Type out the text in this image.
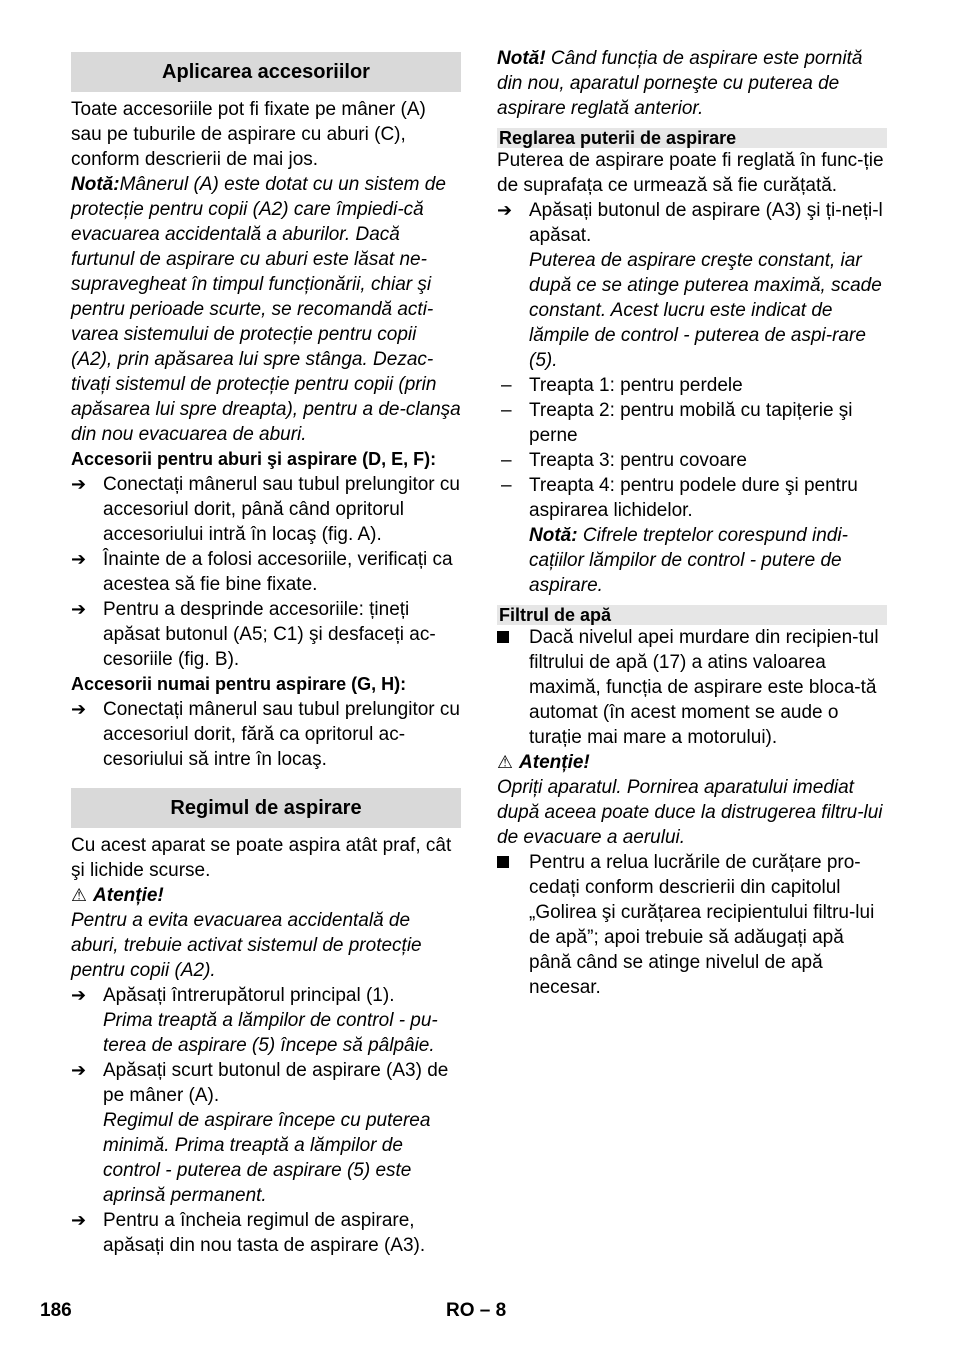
Aplicarea accesoriilor

Toate accesoriile pot fi fixate pe mâner (A) sau pe tuburile de aspirare cu aburi (C), conform descrierii de mai jos.

Notă:Mânerul (A) este dotat cu un sistem de protecție pentru copii (A2) care împiedi-că evacuarea accidentală a aburilor. Dacă furtunul de aspirare cu aburi este lăsat ne-supravegheat în timpul funcționării, chiar şi pentru perioade scurte, se recomandă acti-varea sistemului de protecție pentru copii (A2), prin apăsarea lui spre stânga. Dezac-tivați sistemul de protecție pentru copii (prin apăsarea lui spre dreapta), pentru a de-clanşa din nou evacuarea de aburi.

Accesorii pentru aburi şi aspirare (D, E, F):
➔ Conectați mânerul sau tubul prelungitor cu accesoriul dorit, până când opritorul accesoriului intră în locaş (fig. A).
➔ Înainte de a folosi accesoriile, verificați ca acestea să fie bine fixate.
➔ Pentru a desprinde accesoriile: țineți apăsat butonul (A5; C1) şi desfaceți ac-cesoriile (fig. B).
Accesorii numai pentru aspirare (G, H):
➔ Conectați mânerul sau tubul prelungitor cu accesoriul dorit, fără ca opritorul ac-cesoriului să intre în locaş.
Regimul de aspirare

Cu acest aparat se poate aspira atât praf, cât şi lichide scurse.

⚠ Atenție!

Pentru a evita evacuarea accidentală de aburi, trebuie activat sistemul de protecție pentru copii (A2).

➔ Apăsați întrerupătorul principal (1).

Prima treaptă a lămpilor de control - pu-terea de aspirare (5) începe să pâlpâie.

➔ Apăsați scurt butonul de aspirare (A3) de pe mâner (A).

Regimul de aspirare începe cu puterea minimă. Prima treaptă a lămpilor de control - puterea de aspirare (5) este aprinsă permanent.

➔ Pentru a încheia regimul de aspirare, apăsați din nou tasta de aspirare (A3).

Notă! Când funcția de aspirare este pornită din nou, aparatul porneşte cu puterea de aspirare reglată anterior.

Reglarea puterii de aspirare

Puterea de aspirare poate fi reglată în func-ție de suprafața ce urmează să fie curățată.

➔ Apăsați butonul de aspirare (A3) şi ți-neți-l apăsat.

Puterea de aspirare creşte constant, iar după ce se atinge puterea maximă, scade constant. Acest lucru este indicat de lămpile de control - puterea de aspi-rare (5).

– Treapta 1: pentru perdele
– Treapta 2: pentru mobilă cu tapițerie şi perne
– Treapta 3: pentru covoare
– Treapta 4: pentru podele dure şi pentru aspirarea lichidelor.

Notă: Cifrele treptelor corespund indi-cațiilor lămpilor de control - putere de aspirare.

Filtrul de apă
Dacă nivelul apei murdare din recipien-tul filtrului de apă (17) a atins valoarea maximă, funcția de aspirare este bloca-tă automat (în acest moment se aude o turație mai mare a motorului).
⚠ Atenție!

Opriți aparatul. Pornirea aparatului imediat după aceea poate duce la distrugerea filtru-lui de evacuare a aerului.

Pentru a relua lucrările de curățare pro-cedați conform descrierii din capitolul „Golirea şi curățarea recipientului filtru-lui de apă”; apoi trebuie să adăugați apă până când se atinge nivelul de apă necesar.
186	RO – 8
